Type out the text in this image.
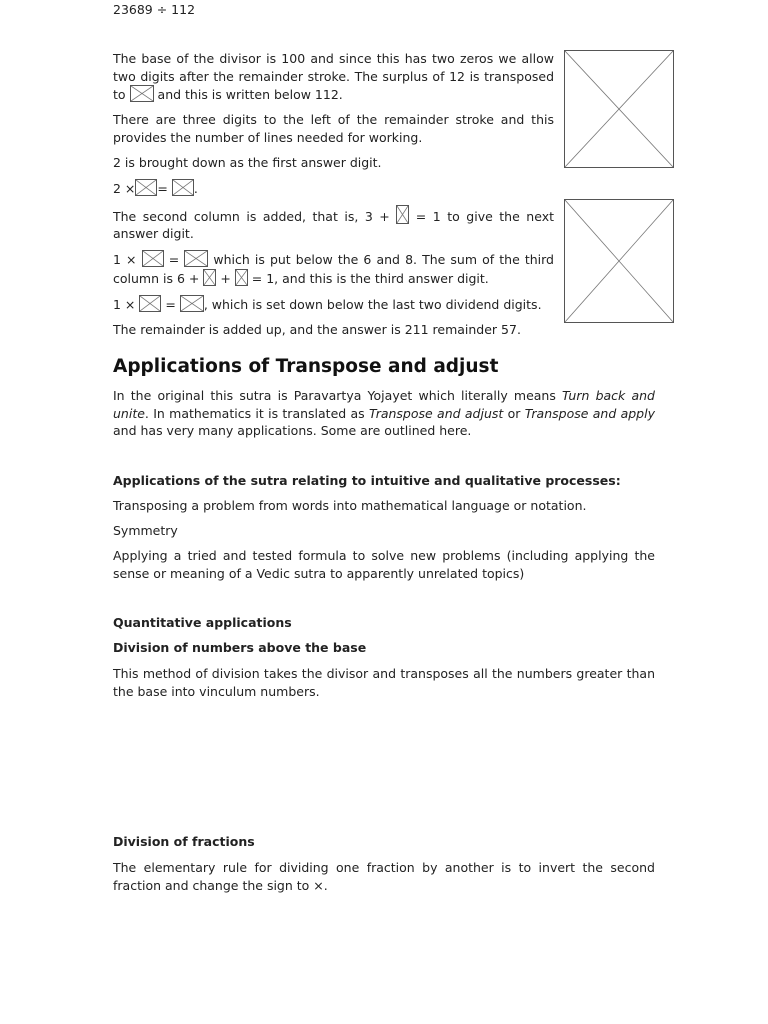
23689 ÷ 112

The base of the divisor is 100 and since this has two zeros we allow two digits after the remainder stroke. The surplus of 12 is transposed to	and this is written below 112.

There are three digits to the left of the remainder stroke and this provides the number of lines needed for working.

2 is brought down as the first answer digit.

2 × = .

The second column is added, that is, 3 + = 1 to give the next answer digit.

1 ×	=	which is put below the 6 and 8. The sum of the third column is 6 + + = 1, and this is the third answer digit.

1 × = , which is set down below the last two dividend digits.

The remainder is added up, and the answer is 211 remainder 57.

Applications of Transpose and adjust

In the original this sutra is Paravartya Yojayet which literally means Turn back and unite. In mathematics it is translated as Transpose and adjust or Transpose and apply and has very many applications. Some are outlined here.

Applications of the sutra relating to intuitive and qualitative processes:

Transposing a problem from words into mathematical language or notation.

Symmetry

Applying a tried and tested formula to solve new problems (including applying the sense or meaning of a Vedic sutra to apparently unrelated topics)

Quantitative applications

Division of numbers above the base

This method of division takes the divisor and transposes all the numbers greater than the base into vinculum numbers.

Division of fractions

The elementary rule for dividing one fraction by another is to invert the second fraction and change the sign to ×.
